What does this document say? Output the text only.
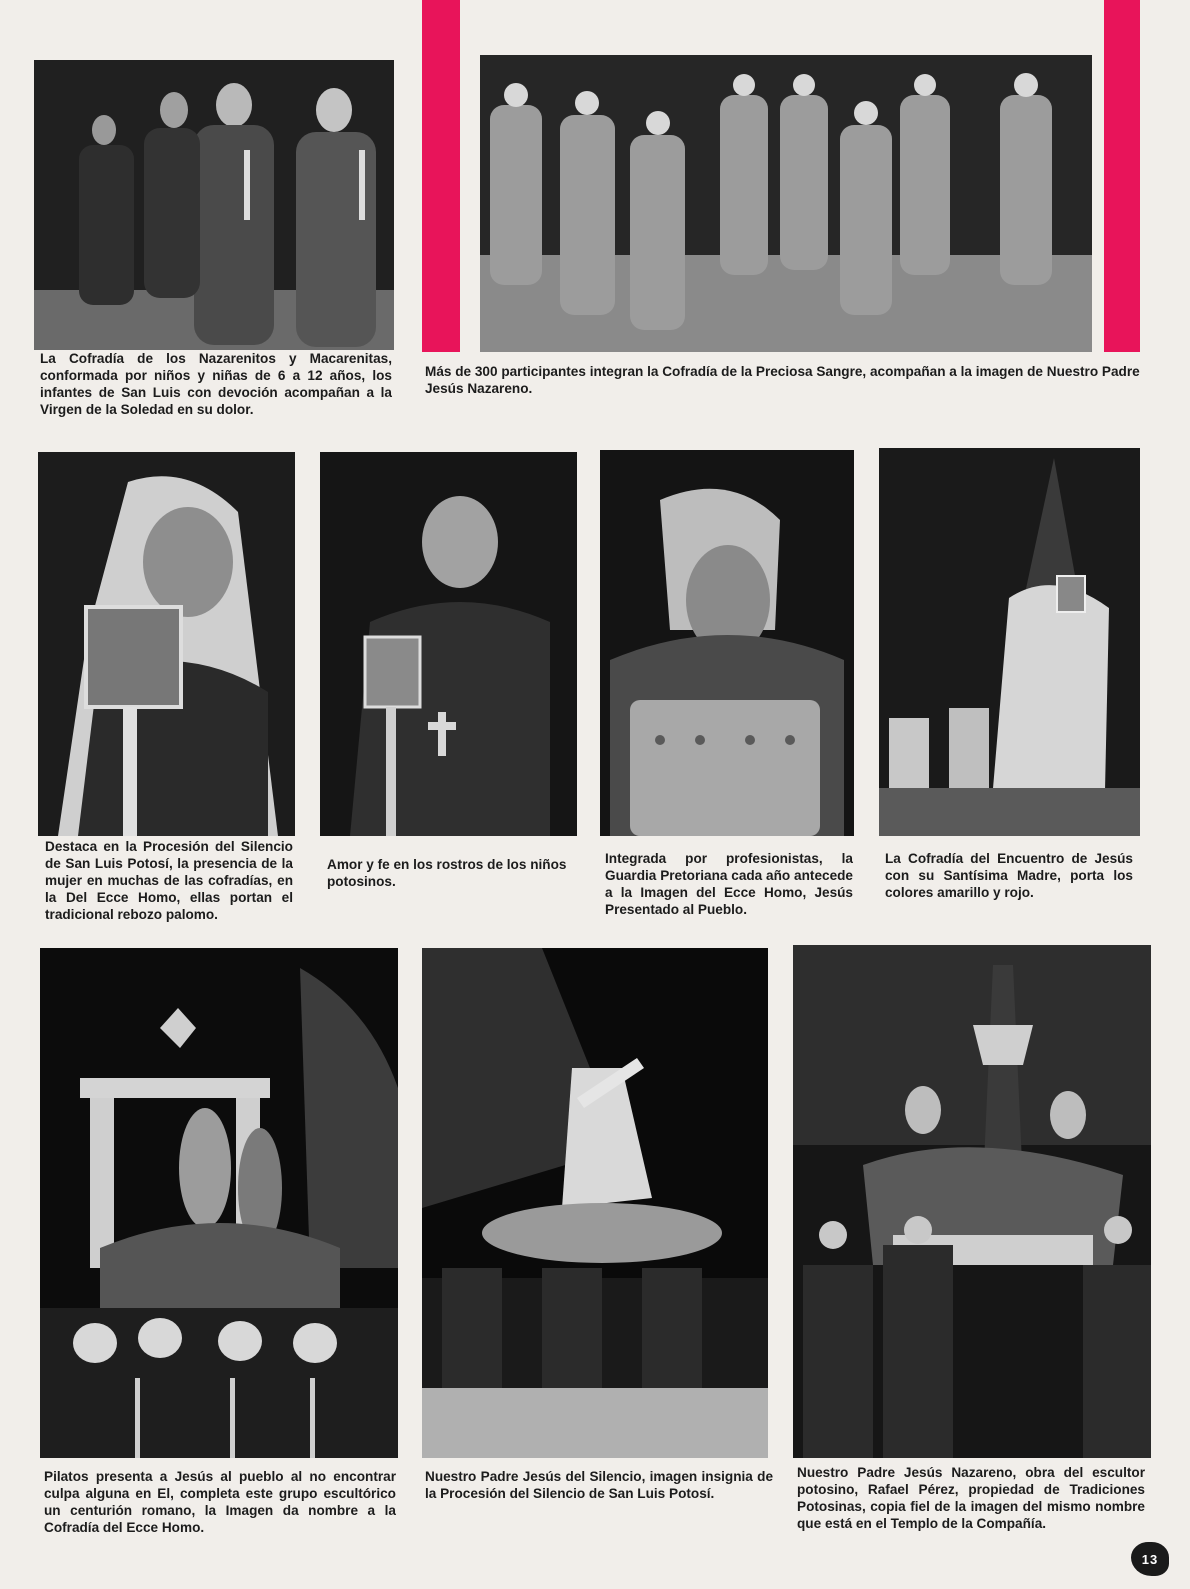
La Cofradía de los Nazarenitos y Macarenitas, conformada por niños y niñas de 6 a 12 años, los infantes de San Luis con devoción acompañan a la Virgen de la Soledad en su dolor.

Más de 300 participantes integran la Cofradía de la Preciosa Sangre, acompañan a la imagen de Nuestro Padre Jesús Nazareno.

Destaca en la Procesión del Silencio de San Luis Potosí, la presencia de la mujer en muchas de las cofradías, en la Del Ecce Homo, ellas portan el tradicional rebozo palomo.

Amor y fe en los rostros de los niños potosinos.

Integrada por profesionistas, la Guardia Pretoriana cada año antecede a la Imagen del Ecce Homo, Jesús Presentado al Pueblo.

La Cofradía del Encuentro de Jesús con su Santísima Madre, porta los colores amarillo y rojo.

Pilatos presenta a Jesús al pueblo al no encontrar culpa alguna en El, completa este grupo escultórico un centurión romano, la Imagen da nombre a la Cofradía del Ecce Homo.

Nuestro Padre Jesús del Silencio, imagen insignia de la Procesión del Silencio de San Luis Potosí.

Nuestro Padre Jesús Nazareno, obra del escultor potosino, Rafael Pérez, propiedad de Tradiciones Potosinas, copia fiel de la imagen del mismo nombre que está en el Templo de la Compañía.

13
